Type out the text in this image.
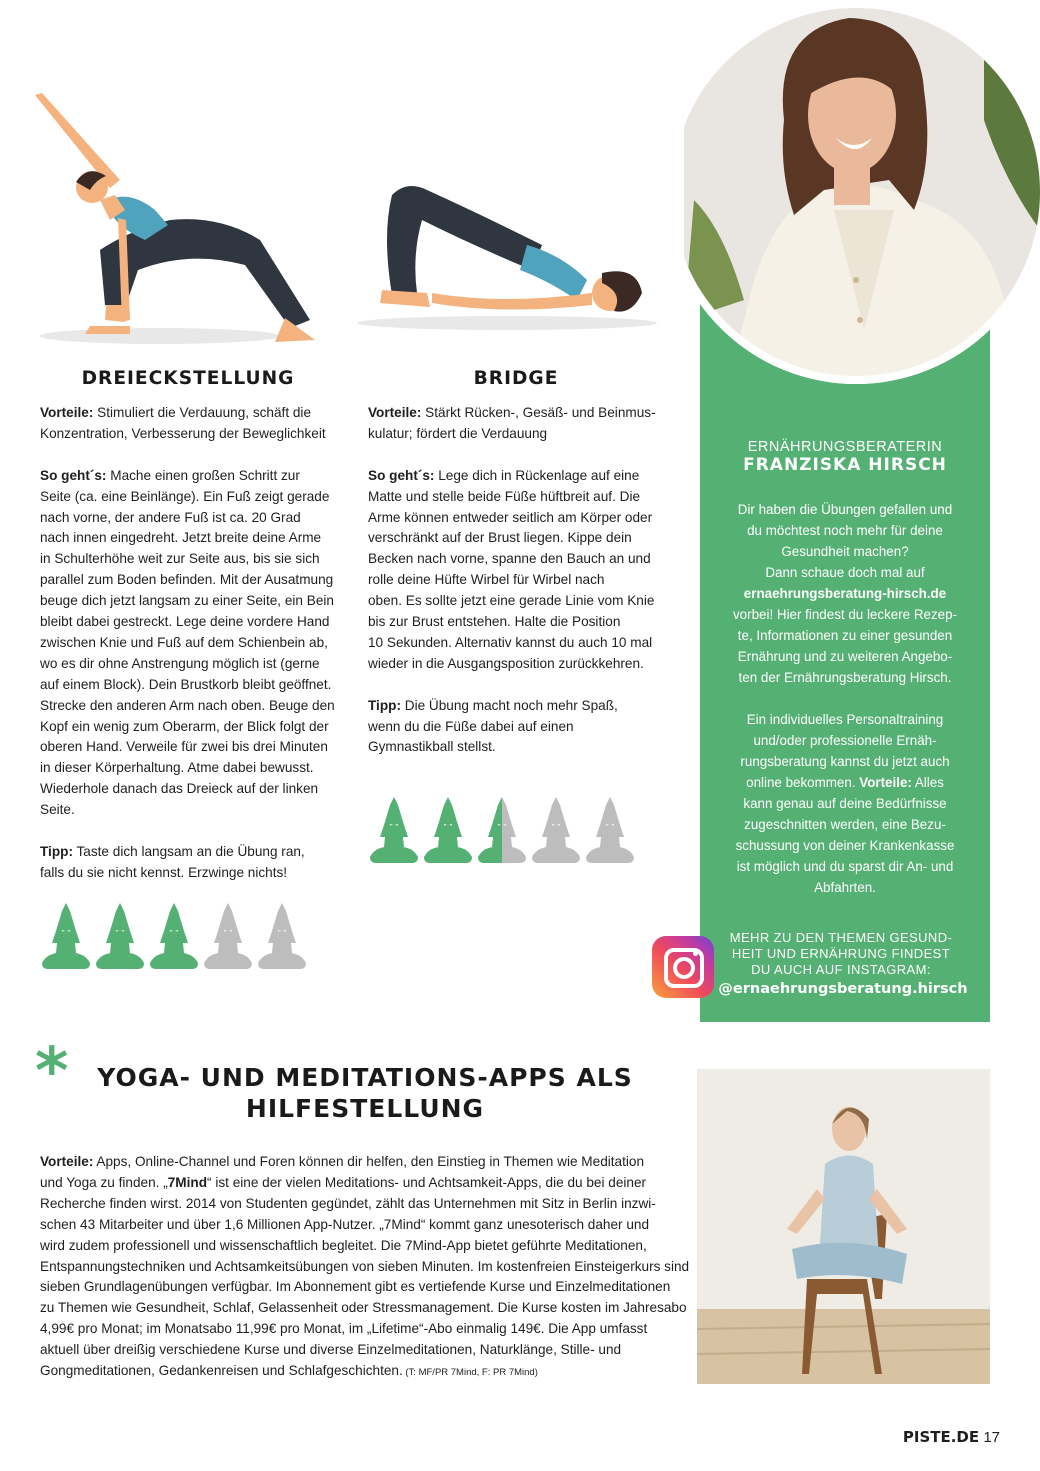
DREIECKSTELLUNG
Vorteile: Stimuliert die Verdauung, schäft die
Konzentration, Verbesserung der Beweglichkeit
So geht´s: Mache einen großen Schritt zur
Seite (ca. eine Beinlänge). Ein Fuß zeigt gerade
nach vorne, der andere Fuß ist ca. 20 Grad
nach innen eingedreht. Jetzt breite deine Arme
in Schulterhöhe weit zur Seite aus, bis sie sich
parallel zum Boden befinden. Mit der Ausatmung
beuge dich jetzt langsam zu einer Seite, ein Bein
bleibt dabei gestreckt. Lege deine vordere Hand
zwischen Knie und Fuß auf dem Schienbein ab,
wo es dir ohne Anstrengung möglich ist (gerne
auf einem Block). Dein Brustkorb bleibt geöffnet.
Strecke den anderen Arm nach oben. Beuge den
Kopf ein wenig zum Oberarm, der Blick folgt der
oberen Hand. Verweile für zwei bis drei Minuten
in dieser Körperhaltung. Atme dabei bewusst.
Wiederhole danach das Dreieck auf der linken
Seite.
Tipp: Taste dich langsam an die Übung ran,
falls du sie nicht kennst. Erzwinge nichts!
BRIDGE
Vorteile: Stärkt Rücken-, Gesäß- und Beinmus-
kulatur; fördert die Verdauung
So geht´s: Lege dich in Rückenlage auf eine
Matte und stelle beide Füße hüftbreit auf. Die
Arme können entweder seitlich am Körper oder
verschränkt auf der Brust liegen. Kippe dein
Becken nach vorne, spanne den Bauch an und
rolle deine Hüfte Wirbel für Wirbel nach
oben. Es sollte jetzt eine gerade Linie vom Knie
bis zur Brust entstehen. Halte die Position
10 Sekunden. Alternativ kannst du auch 10 mal
wieder in die Ausgangsposition zurückkehren.
Tipp: Die Übung macht noch mehr Spaß,
wenn du die Füße dabei auf einen
Gymnastikball stellst.
ERNÄHRUNGSBERATERIN
FRANZISKA HIRSCH
Dir haben die Übungen gefallen und
du möchtest noch mehr für deine
Gesundheit machen?
Dann schaue doch mal auf
ernaehrungsberatung-hirsch.de
vorbei! Hier findest du leckere Rezep-
te, Informationen zu einer gesunden
Ernährung und zu weiteren Angebo-
ten der Ernährungsberatung Hirsch.
Ein individuelles Personaltraining
und/oder professionelle Ernäh-
rungsberatung kannst du jetzt auch
online bekommen. Vorteile: Alles
kann genau auf deine Bedürfnisse
zugeschnitten werden, eine Bezu-
schussung von deiner Krankenkasse
ist möglich und du sparst dir An- und
Abfahrten.
MEHR ZU DEN THEMEN GESUND-
HEIT UND ERNÄHRUNG FINDEST
DU AUCH AUF INSTAGRAM:
@ernaehrungsberatung.hirsch
*	YOGA- UND MEDITATIONS-APPS ALS
HILFESTELLUNG
Vorteile: Apps, Online-Channel und Foren können dir helfen, den Einstieg in Themen wie Meditation
und Yoga zu finden. „7Mind“ ist eine der vielen Meditations- und Achtsamkeit-Apps, die du bei deiner
Recherche finden wirst. 2014 von Studenten gegündet, zählt das Unternehmen mit Sitz in Berlin inzwi-
schen 43 Mitarbeiter und über 1,6 Millionen App-Nutzer. „7Mind“ kommt ganz unesoterisch daher und
wird zudem professionell und wissenschaftlich begleitet. Die 7Mind-App bietet geführte Meditationen,
Entspannungstechniken und Achtsamkeitsübungen von sieben Minuten. Im kostenfreien Einsteigerkurs sind
sieben Grundlagenübungen verfügbar. Im Abonnement gibt es vertiefende Kurse und Einzelmeditationen
zu Themen wie Gesundheit, Schlaf, Gelassenheit oder Stressmanagement. Die Kurse kosten im Jahresabo
4,99€ pro Monat; im Monatsabo 11,99€ pro Monat, im „Lifetime“-Abo einmalig 149€. Die App umfasst
aktuell über dreißig verschiedene Kurse und diverse Einzelmeditationen, Naturklänge, Stille- und
Gongmeditationen, Gedankenreisen und Schlafgeschichten. (T: MF/PR 7Mind, F: PR 7Mind)
PISTE.DE 17
